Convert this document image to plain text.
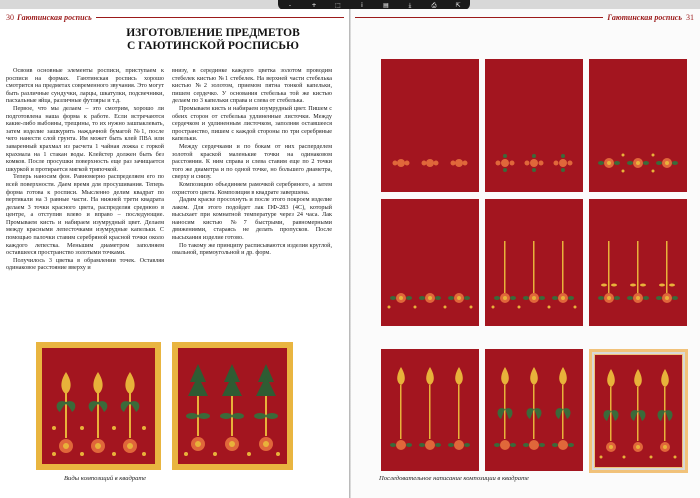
-	+	⬚	i	▤	⤓	⎙	⇱
30 Гаютинская роспись
ИЗГОТОВЛЕНИЕ ПРЕДМЕТОВ
С ГАЮТИНСКОЙ РОСПИСЬЮ

Освоив основные элементы росписи, приступаем к росписи на формах. Гаютинская роспись хорошо смотрится на предметах современного звучания. Это могут быть различные сундучки, ларцы, шкатулки, подсвечники, пасхальные яйца, различные футляры и т.д.

Первое, что мы делаем – это смотрим, хорошо ли подготовлена наша форма к работе. Если встречаются какие-либо выбоины, трещины, то их нужно зашпаклевать, затем изделие зашкурить наждачной бумагой №1, после чего нанести слой грунта. Им может быть клей ПВА или заваренный крахмал из расчета 1 чайная ложка с горкой крахмала на 1 стакан воды. Клейстер должен быть без комков. После просушки поверхность еще раз зачищается шкуркой и протирается мягкой тряпочкой.

Теперь наносим фон. Равномерно распределяем его по всей поверхности. Даем время для просушивания. Теперь форма готова к росписи. Мысленно делим квадрат по вертикали на 3 равные части. На нижней трети квадрата делаем 3 точки красного цвета, распределяя среднюю в центре, а отступив влево и вправо – последующие. Промываем кисть и набираем изумрудный цвет. Делаем между красными лепесточками изумрудные капельки. С помощью палочки ставим серебряной красной точки около каждого лепестка. Меньшим диаметром заполняем оставшееся пространство золотыми точками.

Получилось 3 цветка в обрамлении точек. Оставляя одинаковое расстояние вверху и

внизу, в серединке каждого цветка золотом проводим стебелек кистью №1 стебелек. На верхней части стебелька кистью №2 золотом, приемом пятна тонкой капельки, пишем сердечко. У основания стебелька той же кистью делаем по 3 капельки справа и слева от стебелька.

Промываем кисть и набираем изумрудный цвет. Пишем с обеих сторон от стебелька удлиненные листочки. Между сердечком и удлиненным листочком, заполняя оставшееся пространство, пишем с каждой стороны по три серебряные капельки.

Между сердечками и по бокам от них расперделем золотой краской маленькие точки на одинаковом расстоянии. К ним справа и слева ставим еще по 2 точки того же диаметра и по одной точке, но большего диаметра, сверху и снизу.

Композицию объединяем рамочкой серебряного, а затем охристого цвета. Композиция в квадрате завершена.

Дадим краске просохнуть и после этого покроем изделие лаком. Для этого подойдет лак ПФ-283 (4С), который высыхает при комнатной температуре через 24 часа. Лак наносим кистью №7 быстрыми, равномерными движениями, стараясь не делать пропусков. После высыхания изделие готово.

По такому же принципу расписываются изделия круглой, овальной, прямоугольной и др. форм.

Виды композиций в квадрате
Гаютинская роспись 31
Последовательное написание композиции в квадрате
